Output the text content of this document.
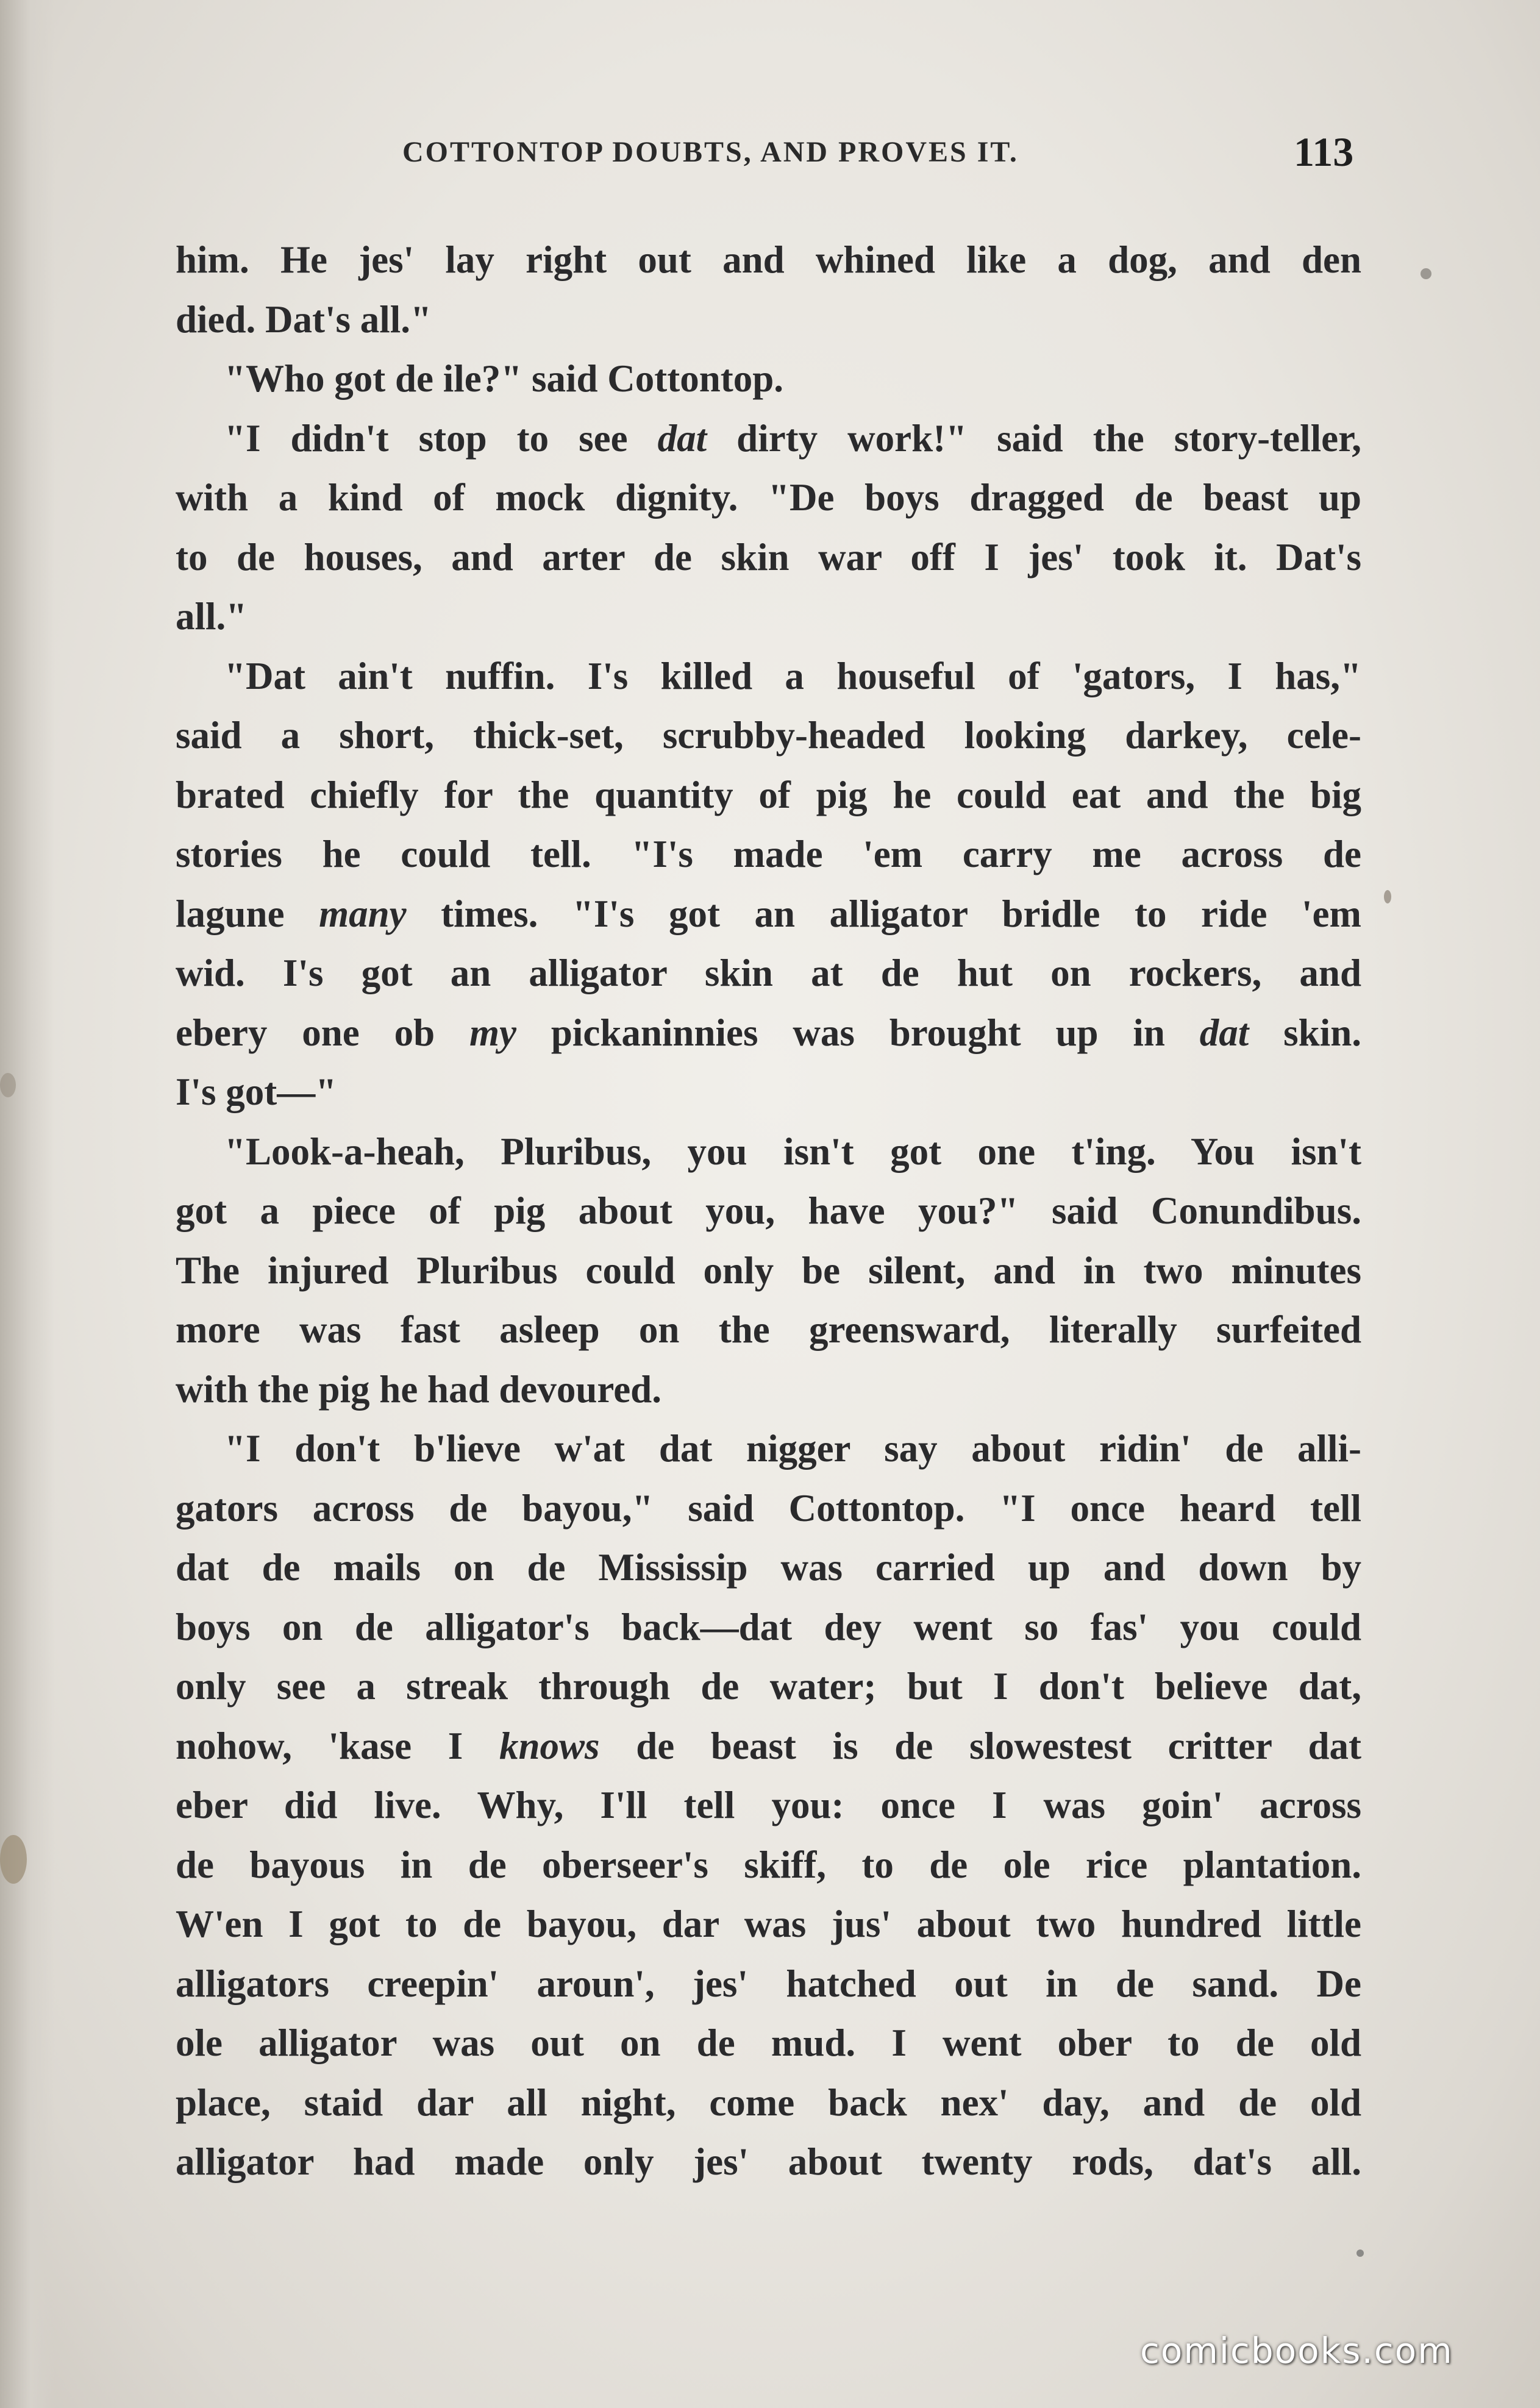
COTTONTOP DOUBTS, AND PROVES IT.	113

him. He jes' lay right out and whined like a dog, and den

died. Dat's all."

"Who got de ile?" said Cottontop.

"I didn't stop to see dat dirty work!" said the story-teller,

with a kind of mock dignity. "De boys dragged de beast up

to de houses, and arter de skin war off I jes' took it. Dat's

all."

"Dat ain't nuffin. I's killed a houseful of 'gators, I has,"

said a short, thick-set, scrubby-headed looking darkey, cele-

brated chiefly for the quantity of pig he could eat and the big

stories he could tell. "I's made 'em carry me across de

lagune many times. "I's got an alligator bridle to ride 'em

wid. I's got an alligator skin at de hut on rockers, and

ebery one ob my pickaninnies was brought up in dat skin.

I's got—"

"Look-a-heah, Pluribus, you isn't got one t'ing. You isn't

got a piece of pig about you, have you?" said Conundibus.

The injured Pluribus could only be silent, and in two minutes

more was fast asleep on the greensward, literally surfeited

with the pig he had devoured.

"I don't b'lieve w'at dat nigger say about ridin' de alli-

gators across de bayou," said Cottontop. "I once heard tell

dat de mails on de Mississip was carried up and down by

boys on de alligator's back—dat dey went so fas' you could

only see a streak through de water; but I don't believe dat,

nohow, 'kase I knows de beast is de slowestest critter dat

eber did live. Why, I'll tell you: once I was goin' across

de bayous in de oberseer's skiff, to de ole rice plantation.

W'en I got to de bayou, dar was jus' about two hundred little

alligators creepin' aroun', jes' hatched out in de sand. De

ole alligator was out on de mud. I went ober to de old

place, staid dar all night, come back nex' day, and de old

alligator had made only jes' about twenty rods, dat's all.

comicbooks.com
